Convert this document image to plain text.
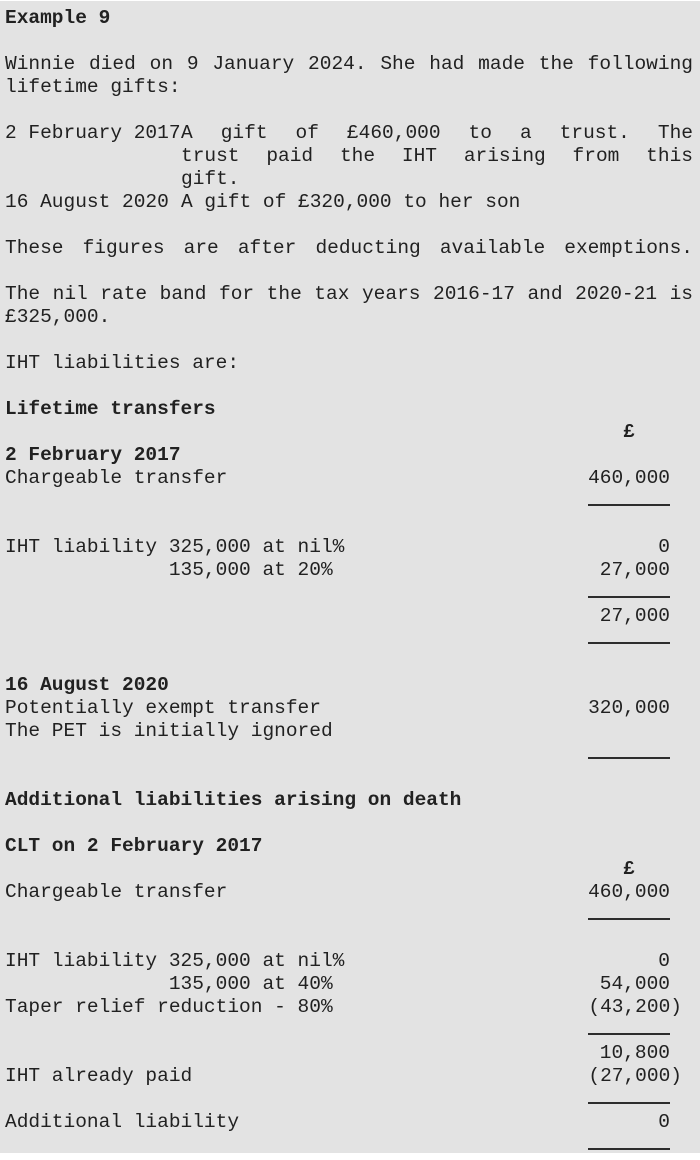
Example 9
Winnie died on 9 January 2024. She had made the following
lifetime gifts:
2 February 2017 A gift of £460,000 to a trust. The
trust paid the IHT arising from this
gift.
16 August 2020 A gift of £320,000 to her son
These figures are after deducting available exemptions.
The nil rate band for the tax years 2016-17 and 2020-21 is
£325,000.
IHT liabilities are:
Lifetime transfers
£
2 February 2017
Chargeable transfer	460,000
IHT liability 325,000 at nil%	0
135,000 at 20%	27,000
27,000
16 August 2020
Potentially exempt transfer	320,000
The PET is initially ignored
Additional liabilities arising on death
CLT on 2 February 2017
£
Chargeable transfer	460,000
IHT liability 325,000 at nil%	0
135,000 at 40%	54,000
Taper relief reduction - 80%	(43,200)
10,800
IHT already paid	(27,000)
Additional liability	0
